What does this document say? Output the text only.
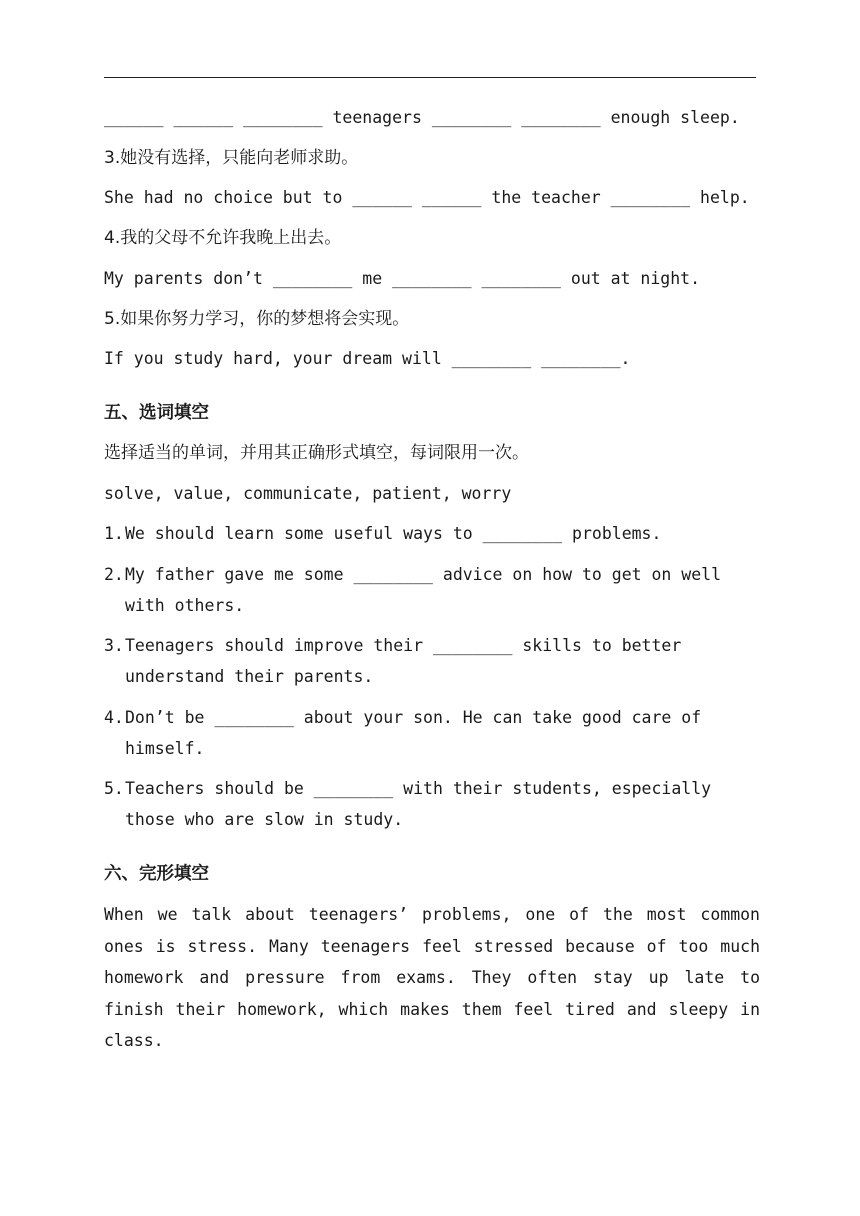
______ ______ ________ teenagers ________ ________ enough sleep.
3.她没有选择，只能向老师求助。
She had no choice but to ______ ______ the teacher ________ help.
4.我的父母不允许我晚上出去。
My parents don’t ________ me ________ ________ out at night.
5.如果你努力学习，你的梦想将会实现。
If you study hard, your dream will ________ ________.
五、选词填空
选择适当的单词，并用其正确形式填空，每词限用一次。
solve, value, communicate, patient, worry
1. We should learn some useful ways to ________ problems.
2. My father gave me some ________ advice on how to get on well with others.
3. Teenagers should improve their ________ skills to better understand their parents.
4. Don’t be ________ about your son. He can take good care of himself.
5. Teachers should be ________ with their students, especially those who are slow in study.
六、完形填空
When we talk about teenagers’ problems, one of the most common ones is stress. Many teenagers feel stressed because of too much homework and pressure from exams. They often stay up late to finish their homework, which makes them feel tired and sleepy in class.
